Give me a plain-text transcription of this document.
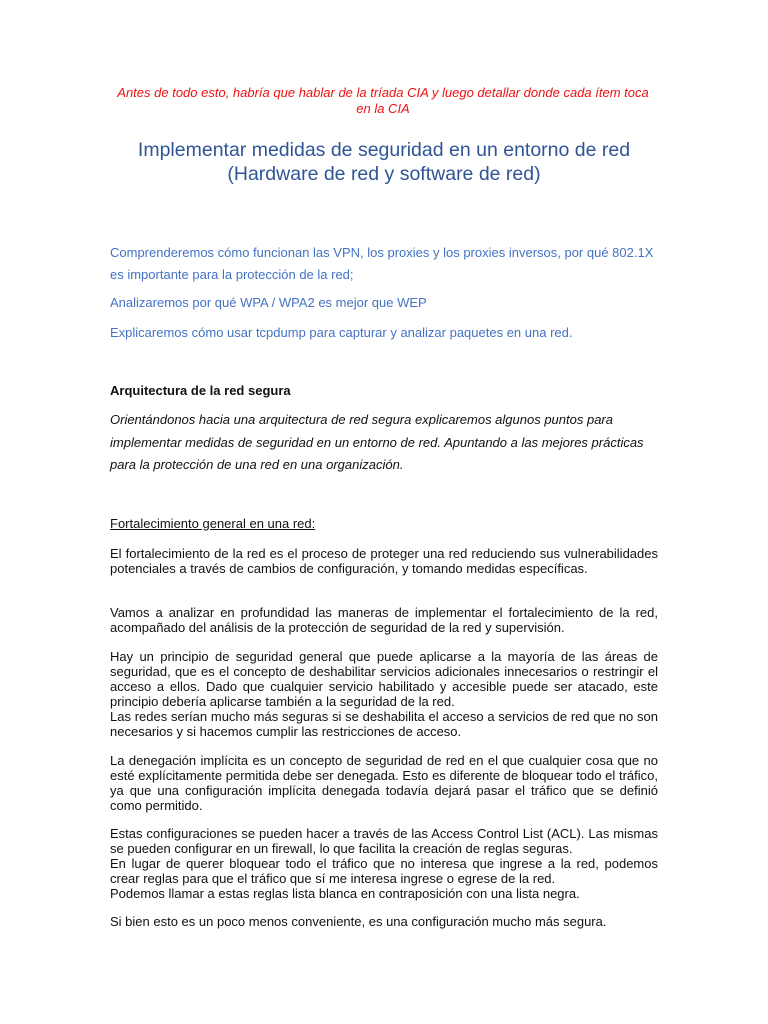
Antes de todo esto, habría que hablar de la tríada CIA y luego detallar donde cada ítem toca en la CIA
Implementar medidas de seguridad en un entorno de red
(Hardware de red y software de red)
Comprenderemos cómo funcionan las VPN, los proxies y los proxies inversos, por qué 802.1X es importante para la protección de la red;
Analizaremos por qué WPA / WPA2 es mejor que WEP
Explicaremos cómo usar tcpdump para capturar y analizar paquetes en una red.
Arquitectura de la red segura
Orientándonos hacia una arquitectura de red segura explicaremos algunos puntos para implementar medidas de seguridad en un entorno de red. Apuntando a las mejores prácticas para la protección de una red en una organización.
Fortalecimiento general en una red:
El fortalecimiento de la red es el proceso de proteger una red reduciendo sus vulnerabilidades potenciales a través de cambios de configuración, y tomando medidas específicas.
Vamos a analizar en profundidad las maneras de implementar el fortalecimiento de la red, acompañado del análisis de la protección de seguridad de la red y supervisión.
Hay un principio de seguridad general que puede aplicarse a la mayoría de las áreas de seguridad, que es el concepto de deshabilitar servicios adicionales innecesarios o restringir el acceso a ellos. Dado que cualquier servicio habilitado y accesible puede ser atacado, este principio debería aplicarse también a la seguridad de la red.
Las redes serían mucho más seguras si se deshabilita el acceso a servicios de red que no son necesarios y si hacemos cumplir las restricciones de acceso.
La denegación implícita es un concepto de seguridad de red en el que cualquier cosa que no esté explícitamente permitida debe ser denegada. Esto es diferente de bloquear todo el tráfico, ya que una configuración implícita denegada todavía dejará pasar el tráfico que se definió como permitido.
Estas configuraciones se pueden hacer a través de las Access Control List (ACL). Las mismas se pueden configurar en un firewall, lo que facilita la creación de reglas seguras.
En lugar de querer bloquear todo el tráfico que no interesa que ingrese a la red, podemos crear reglas para que el tráfico que sí me interesa ingrese o egrese de la red.
Podemos llamar a estas reglas lista blanca en contraposición con una lista negra.
Si bien esto es un poco menos conveniente, es una configuración mucho más segura.
